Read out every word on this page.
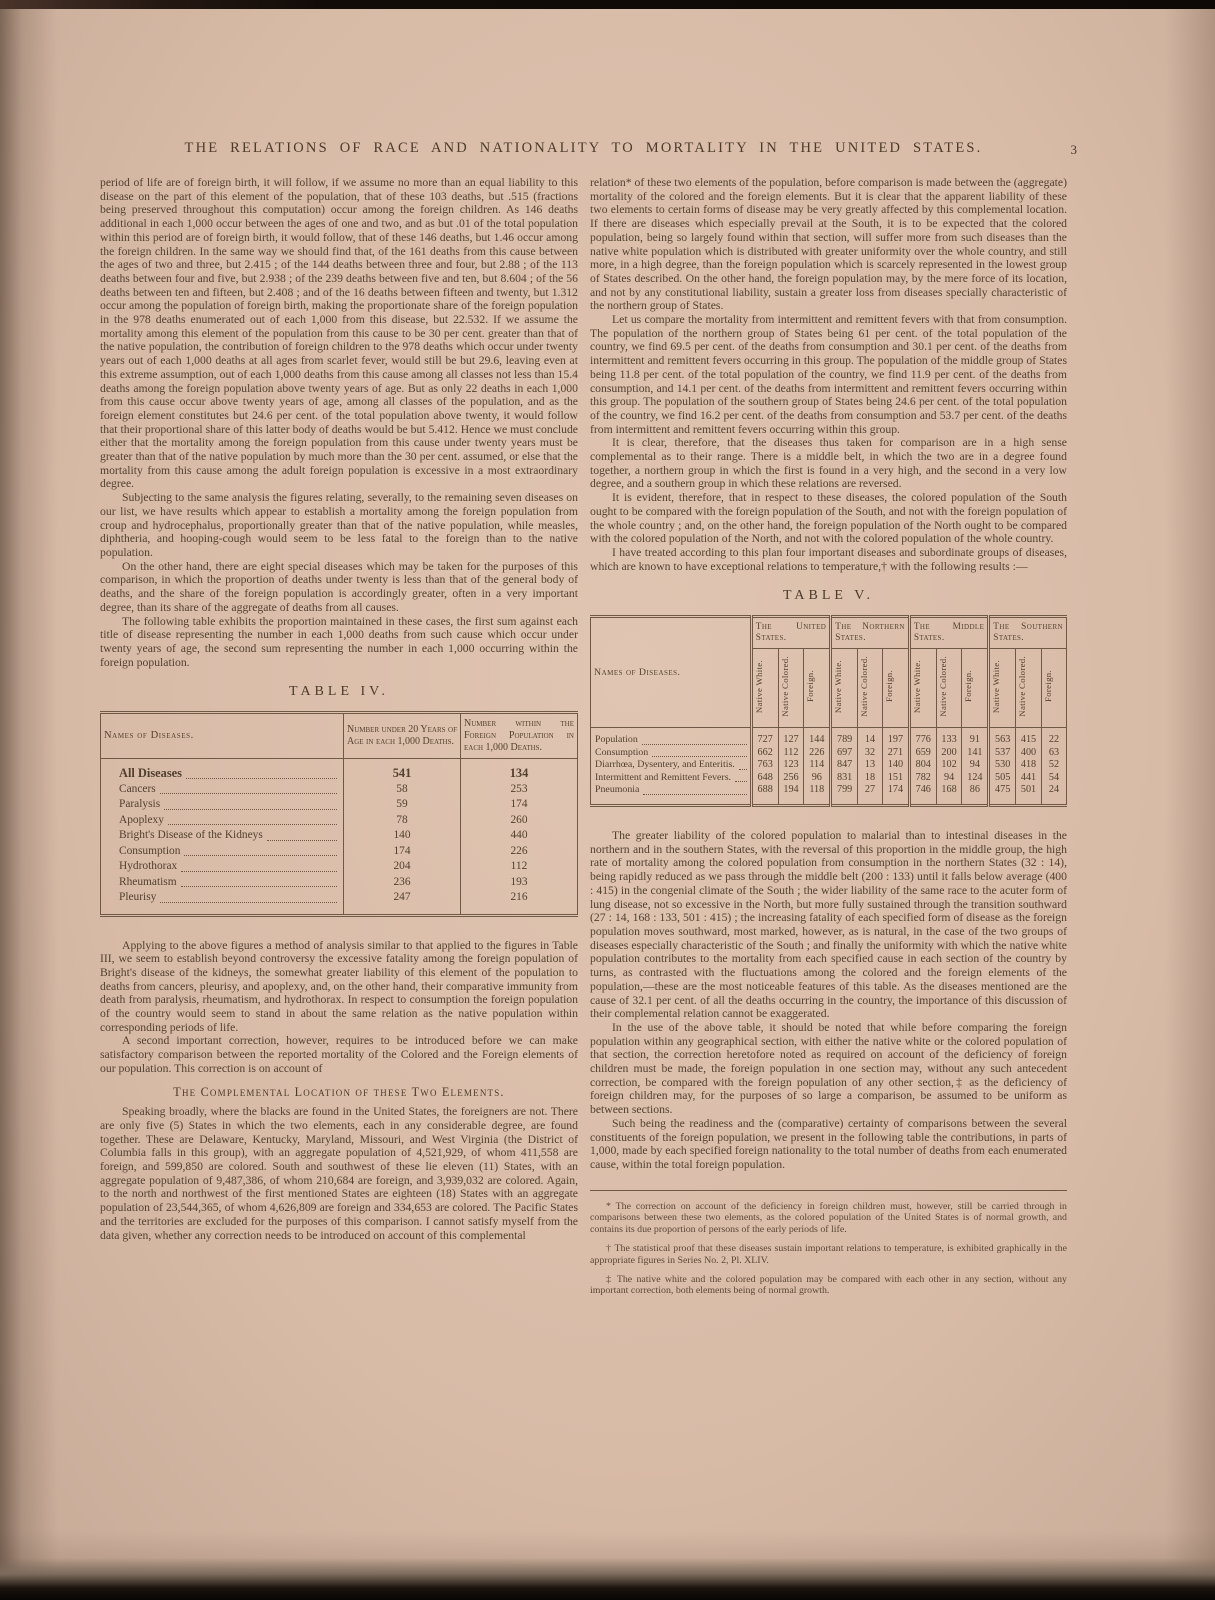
THE RELATIONS OF RACE AND NATIONALITY TO MORTALITY IN THE UNITED STATES.	3

period of life are of foreign birth, it will follow, if we assume no more than an equal liability to this disease on the part of this element of the population, that of these 103 deaths, but .515 (fractions being preserved throughout this computation) occur among the foreign children. As 146 deaths additional in each 1,000 occur between the ages of one and two, and as but .01 of the total population within this period are of foreign birth, it would follow, that of these 146 deaths, but 1.46 occur among the foreign children. In the same way we should find that, of the 161 deaths from this cause between the ages of two and three, but 2.415 ; of the 144 deaths between three and four, but 2.88 ; of the 113 deaths between four and five, but 2.938 ; of the 239 deaths between five and ten, but 8.604 ; of the 56 deaths between ten and fifteen, but 2.408 ; and of the 16 deaths between fifteen and twenty, but 1.312 occur among the population of foreign birth, making the proportionate share of the foreign population in the 978 deaths enumerated out of each 1,000 from this disease, but 22.532. If we assume the mortality among this element of the population from this cause to be 30 per cent. greater than that of the native population, the contribution of foreign children to the 978 deaths which occur under twenty years out of each 1,000 deaths at all ages from scarlet fever, would still be but 29.6, leaving even at this extreme assumption, out of each 1,000 deaths from this cause among all classes not less than 15.4 deaths among the foreign population above twenty years of age. But as only 22 deaths in each 1,000 from this cause occur above twenty years of age, among all classes of the population, and as the foreign element constitutes but 24.6 per cent. of the total population above twenty, it would follow that their proportional share of this latter body of deaths would be but 5.412. Hence we must conclude either that the mortality among the foreign population from this cause under twenty years must be greater than that of the native population by much more than the 30 per cent. assumed, or else that the mortality from this cause among the adult foreign population is excessive in a most extraordinary degree.

Subjecting to the same analysis the figures relating, severally, to the remaining seven diseases on our list, we have results which appear to establish a mortality among the foreign population from croup and hydrocephalus, proportionally greater than that of the native population, while measles, diphtheria, and hooping-cough would seem to be less fatal to the foreign than to the native population.

On the other hand, there are eight special diseases which may be taken for the purposes of this comparison, in which the proportion of deaths under twenty is less than that of the general body of deaths, and the share of the foreign population is accordingly greater, often in a very important degree, than its share of the aggregate of deaths from all causes.

The following table exhibits the proportion maintained in these cases, the first sum against each title of disease representing the number in each 1,000 deaths from such cause which occur under twenty years of age, the second sum representing the number in each 1,000 occurring within the foreign population.

TABLE IV.
Names of Diseases.	Number under 20 Years of Age in each 1,000 Deaths.	Number within the Foreign Population in each 1,000 Deaths.

All Diseases	541	134

Cancers	58	253

Paralysis	59	174

Apoplexy	78	260

Bright's Disease of the Kidneys	140	440

Consumption	174	226

Hydrothorax	204	112

Rheumatism	236	193

Pleurisy	247	216

Applying to the above figures a method of analysis similar to that applied to the figures in Table III, we seem to establish beyond controversy the excessive fatality among the foreign population of Bright's disease of the kidneys, the somewhat greater liability of this element of the population to deaths from cancers, pleurisy, and apoplexy, and, on the other hand, their comparative immunity from death from paralysis, rheumatism, and hydrothorax. In respect to consumption the foreign population of the country would seem to stand in about the same relation as the native population within corresponding periods of life.

A second important correction, however, requires to be introduced before we can make satisfactory comparison between the reported mortality of the Colored and the Foreign elements of our population. This correction is on account of

The Complemental Location of these Two Elements.

Speaking broadly, where the blacks are found in the United States, the foreigners are not. There are only five (5) States in which the two elements, each in any considerable degree, are found together. These are Delaware, Kentucky, Maryland, Missouri, and West Virginia (the District of Columbia falls in this group), with an aggregate population of 4,521,929, of whom 411,558 are foreign, and 599,850 are colored. South and southwest of these lie eleven (11) States, with an aggregate population of 9,487,386, of whom 210,684 are foreign, and 3,939,032 are colored. Again, to the north and northwest of the first mentioned States are eighteen (18) States with an aggregate population of 23,544,365, of whom 4,626,809 are foreign and 334,653 are colored. The Pacific States and the territories are excluded for the purposes of this comparison. I cannot satisfy myself from the data given, whether any correction needs to be introduced on account of this complemental

relation* of these two elements of the population, before comparison is made between the (aggregate) mortality of the colored and the foreign elements. But it is clear that the apparent liability of these two elements to certain forms of disease may be very greatly affected by this complemental location. If there are diseases which especially prevail at the South, it is to be expected that the colored population, being so largely found within that section, will suffer more from such diseases than the native white population which is distributed with greater uniformity over the whole country, and still more, in a high degree, than the foreign population which is scarcely represented in the lowest group of States described. On the other hand, the foreign population may, by the mere force of its location, and not by any constitutional liability, sustain a greater loss from diseases specially characteristic of the northern group of States.

Let us compare the mortality from intermittent and remittent fevers with that from consumption. The population of the northern group of States being 61 per cent. of the total population of the country, we find 69.5 per cent. of the deaths from consumption and 30.1 per cent. of the deaths from intermittent and remittent fevers occurring in this group. The population of the middle group of States being 11.8 per cent. of the total population of the country, we find 11.9 per cent. of the deaths from consumption, and 14.1 per cent. of the deaths from intermittent and remittent fevers occurring within this group. The population of the southern group of States being 24.6 per cent. of the total population of the country, we find 16.2 per cent. of the deaths from consumption and 53.7 per cent. of the deaths from intermittent and remittent fevers occurring within this group.

It is clear, therefore, that the diseases thus taken for comparison are in a high sense complemental as to their range. There is a middle belt, in which the two are in a degree found together, a northern group in which the first is found in a very high, and the second in a very low degree, and a southern group in which these relations are reversed.

It is evident, therefore, that in respect to these diseases, the colored population of the South ought to be compared with the foreign population of the South, and not with the foreign population of the whole country ; and, on the other hand, the foreign population of the North ought to be compared with the colored population of the North, and not with the colored population of the whole country.

I have treated according to this plan four important diseases and subordinate groups of diseases, which are known to have exceptional relations to temperature,† with the following results :—

TABLE V.
Names of Diseases.	The United States.			The Northern States.			The Middle States.			The Southern States.		
	Native White.	Native Colored.	Foreign.	Native White.	Native Colored.	Foreign.	Native White.	Native Colored.	Foreign.	Native White.	Native Colored.	Foreign.

Population	727	127	144	789	14	197	776	133	91	563	415	22

Consumption	662	112	226	697	32	271	659	200	141	537	400	63

Diarrhœa, Dysentery, and Enteritis.	763	123	114	847	13	140	804	102	94	530	418	52

Intermittent and Remittent Fevers.	648	256	96	831	18	151	782	94	124	505	441	54

Pneumonia	688	194	118	799	27	174	746	168	86	475	501	24

The greater liability of the colored population to malarial than to intestinal diseases in the northern and in the southern States, with the reversal of this proportion in the middle group, the high rate of mortality among the colored population from consumption in the northern States (32 : 14), being rapidly reduced as we pass through the middle belt (200 : 133) until it falls below average (400 : 415) in the congenial climate of the South ; the wider liability of the same race to the acuter form of lung disease, not so excessive in the North, but more fully sustained through the transition southward (27 : 14, 168 : 133, 501 : 415) ; the increasing fatality of each specified form of disease as the foreign population moves southward, most marked, however, as is natural, in the case of the two groups of diseases especially characteristic of the South ; and finally the uniformity with which the native white population contributes to the mortality from each specified cause in each section of the country by turns, as contrasted with the fluctuations among the colored and the foreign elements of the population,—these are the most noticeable features of this table. As the diseases mentioned are the cause of 32.1 per cent. of all the deaths occurring in the country, the importance of this discussion of their complemental relation cannot be exaggerated.

In the use of the above table, it should be noted that while before comparing the foreign population within any geographical section, with either the native white or the colored population of that section, the correction heretofore noted as required on account of the deficiency of foreign children must be made, the foreign population in one section may, without any such antecedent correction, be compared with the foreign population of any other section,‡ as the deficiency of foreign children may, for the purposes of so large a comparison, be assumed to be uniform as between sections.

Such being the readiness and the (comparative) certainty of comparisons between the several constituents of the foreign population, we present in the following table the contributions, in parts of 1,000, made by each specified foreign nationality to the total number of deaths from each enumerated cause, within the total foreign population.

* The correction on account of the deficiency in foreign children must, however, still be carried through in comparisons between these two elements, as the colored population of the United States is of normal growth, and contains its due proportion of persons of the early periods of life.

† The statistical proof that these diseases sustain important relations to temperature, is exhibited graphically in the appropriate figures in Series No. 2, Pl. XLIV.

‡ The native white and the colored population may be compared with each other in any section, without any important correction, both elements being of normal growth.
